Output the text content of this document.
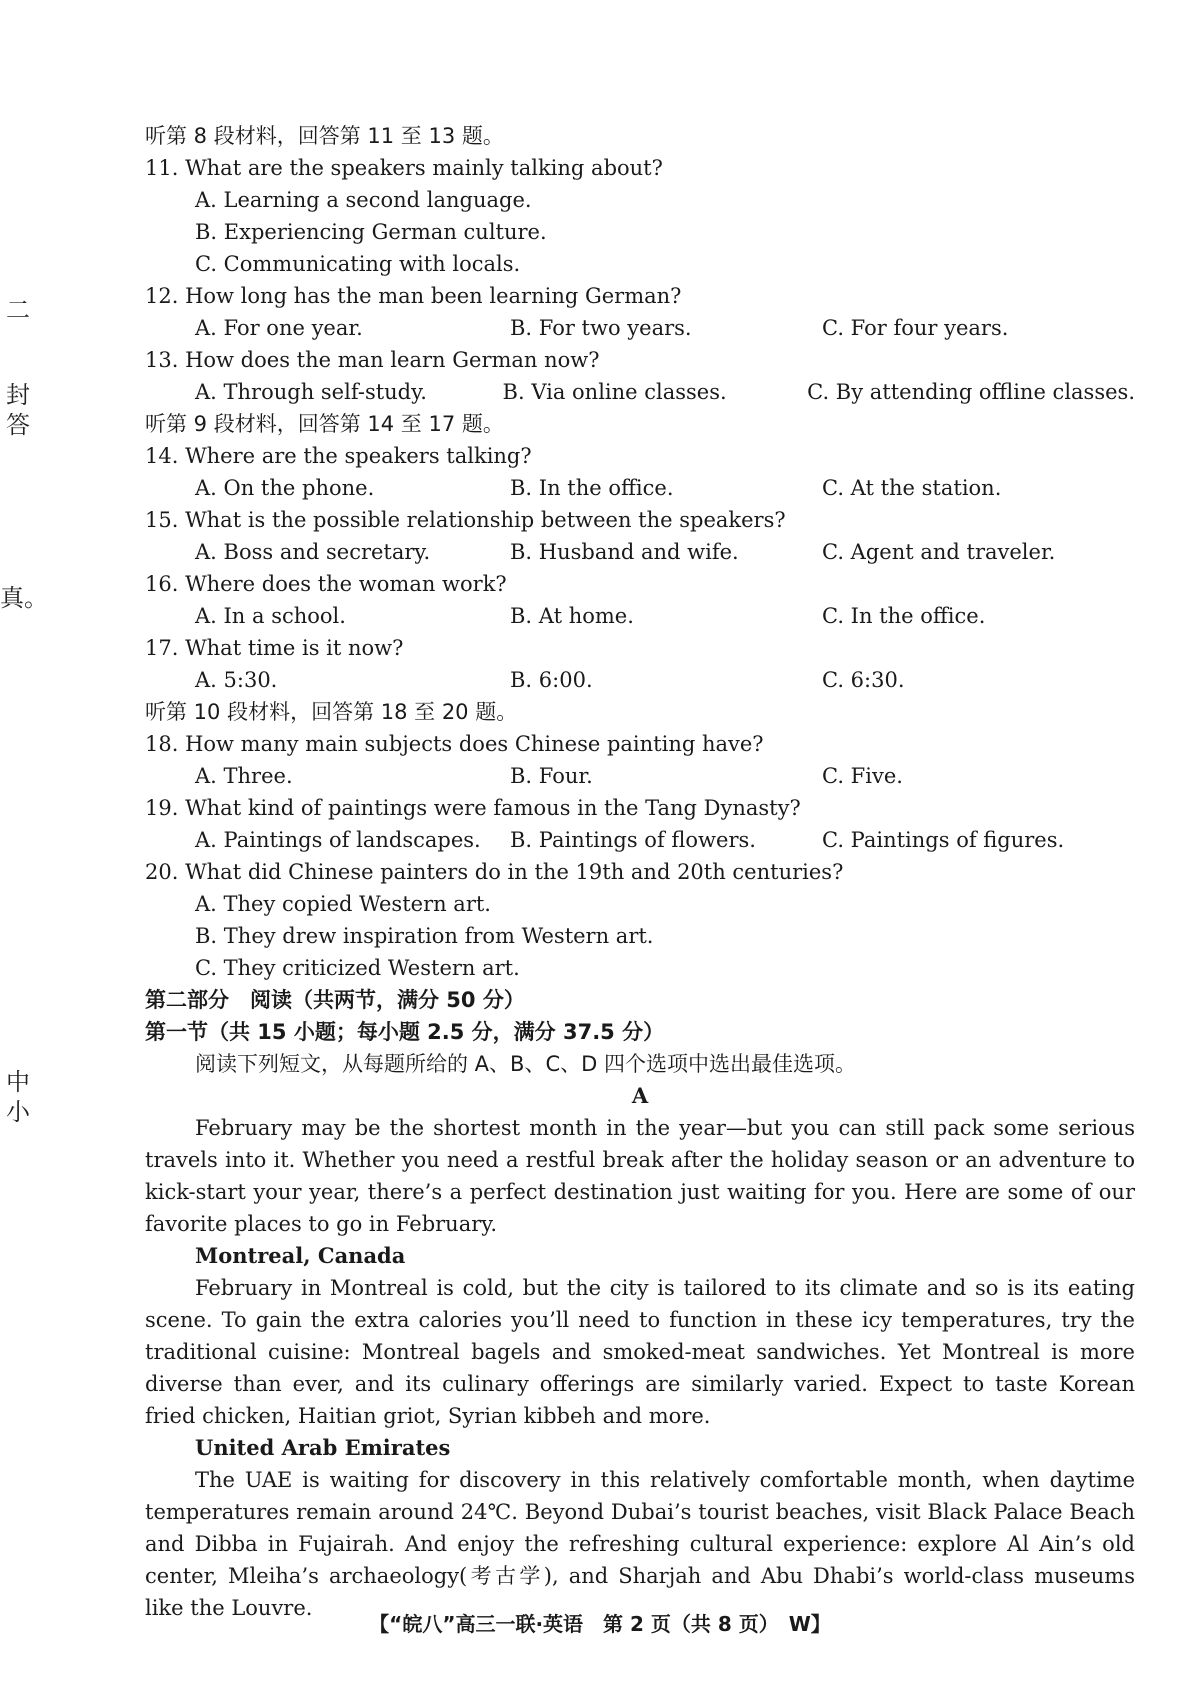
二
封
答
真。
中
小
听第 8 段材料，回答第 11 至 13 题。
11. What are the speakers mainly talking about?
A. Learning a second language.
B. Experiencing German culture.
C. Communicating with locals.
12. How long has the man been learning German?
A. For one year.	B. For two years.	C. For four years.
13. How does the man learn German now?
A. Through self-study.	B. Via online classes.	C. By attending offline classes.
听第 9 段材料，回答第 14 至 17 题。
14. Where are the speakers talking?
A. On the phone.	B. In the office.	C. At the station.
15. What is the possible relationship between the speakers?
A. Boss and secretary.	B. Husband and wife.	C. Agent and traveler.
16. Where does the woman work?
A. In a school.	B. At home.	C. In the office.
17. What time is it now?
A. 5:30.	B. 6:00.	C. 6:30.
听第 10 段材料，回答第 18 至 20 题。
18. How many main subjects does Chinese painting have?
A. Three.	B. Four.	C. Five.
19. What kind of paintings were famous in the Tang Dynasty?
A. Paintings of landscapes.	B. Paintings of flowers.	C. Paintings of figures.
20. What did Chinese painters do in the 19th and 20th centuries?
A. They copied Western art.
B. They drew inspiration from Western art.
C. They criticized Western art.
第二部分　阅读（共两节，满分 50 分）
第一节（共 15 小题；每小题 2.5 分，满分 37.5 分）
阅读下列短文，从每题所给的 A、B、C、D 四个选项中选出最佳选项。
A
February may be the shortest month in the year—but you can still pack some serious travels into it. Whether you need a restful break after the holiday season or an adventure to kick-start your year, there’s a perfect destination just waiting for you. Here are some of our favorite places to go in February.
Montreal, Canada
February in Montreal is cold, but the city is tailored to its climate and so is its eating scene. To gain the extra calories you’ll need to function in these icy temperatures, try the traditional cuisine: Montreal bagels and smoked-meat sandwiches. Yet Montreal is more diverse than ever, and its culinary offerings are similarly varied. Expect to taste Korean fried chicken, Haitian griot, Syrian kibbeh and more.
United Arab Emirates
The UAE is waiting for discovery in this relatively comfortable month, when daytime temperatures remain around 24℃. Beyond Dubai’s tourist beaches, visit Black Palace Beach and Dibba in Fujairah. And enjoy the refreshing cultural experience: explore Al Ain’s old center, Mleiha’s archaeology(考古学), and Sharjah and Abu Dhabi’s world-class museums like the Louvre.
【“皖八”高三一联·英语　第 2 页（共 8 页）　W】
